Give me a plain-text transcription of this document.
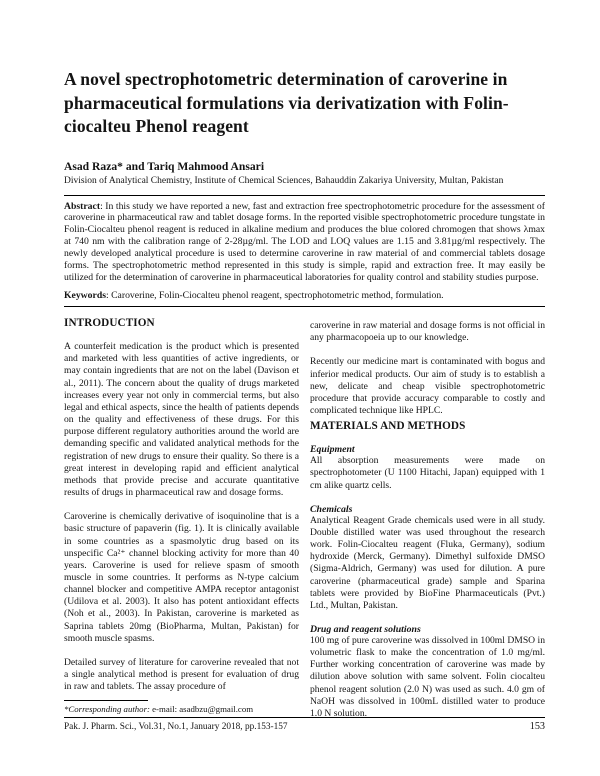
A novel spectrophotometric determination of caroverine in pharmaceutical formulations via derivatization with Folin-ciocalteu Phenol reagent

Asad Raza* and Tariq Mahmood Ansari

Division of Analytical Chemistry, Institute of Chemical Sciences, Bahauddin Zakariya University, Multan, Pakistan

Abstract: In this study we have reported a new, fast and extraction free spectrophotometric procedure for the assessment of caroverine in pharmaceutical raw and tablet dosage forms. In the reported visible spectrophotometric procedure tungstate in Folin-Ciocalteu phenol reagent is reduced in alkaline medium and produces the blue colored chromogen that shows λmax at 740 nm with the calibration range of 2-28µg/ml. The LOD and LOQ values are 1.15 and 3.81µg/ml respectively. The newly developed analytical procedure is used to determine caroverine in raw material of and commercial tablets dosage forms. The spectrophotometric method represented in this study is simple, rapid and extraction free. It may easily be utilized for the determination of caroverine in pharmaceutical laboratories for quality control and stability studies purpose.

Keywords: Caroverine, Folin-Ciocalteu phenol reagent, spectrophotometric method, formulation.

INTRODUCTION

A counterfeit medication is the product which is presented and marketed with less quantities of active ingredients, or may contain ingredients that are not on the label (Davison et al., 2011). The concern about the quality of drugs marketed increases every year not only in commercial terms, but also legal and ethical aspects, since the health of patients depends on the quality and effectiveness of these drugs. For this purpose different regulatory authorities around the world are demanding specific and validated analytical methods for the registration of new drugs to ensure their quality. So there is a great interest in developing rapid and efficient analytical methods that provide precise and accurate quantitative results of drugs in pharmaceutical raw and dosage forms.

Caroverine is chemically derivative of isoquinoline that is a basic structure of papaverin (fig. 1). It is clinically available in some countries as a spasmolytic drug based on its unspecific Ca²⁺ channel blocking activity for more than 40 years. Caroverine is used for relieve spasm of smooth muscle in some countries. It performs as N-type calcium channel blocker and competitive AMPA receptor antagonist (Udilova et al. 2003). It also has potent antioxidant effects (Noh et al., 2003). In Pakistan, caroverine is marketed as Saprina tablets 20mg (BioPharma, Multan, Pakistan) for smooth muscle spasms.

Detailed survey of literature for caroverine revealed that not a single analytical method is present for evaluation of drug in raw and tablets. The assay procedure of

caroverine in raw material and dosage forms is not official in any pharmacopoeia up to our knowledge.

Recently our medicine mart is contaminated with bogus and inferior medical products. Our aim of study is to establish a new, delicate and cheap visible spectrophotometric procedure that provide accuracy comparable to costly and complicated technique like HPLC.

MATERIALS AND METHODS
Equipment

All absorption measurements were made on spectrophotometer (U 1100 Hitachi, Japan) equipped with 1 cm alike quartz cells.

Chemicals

Analytical Reagent Grade chemicals used were in all study. Double distilled water was used throughout the research work. Folin-Ciocalteu reagent (Fluka, Germany), sodium hydroxide (Merck, Germany). Dimethyl sulfoxide DMSO (Sigma-Aldrich, Germany) was used for dilution. A pure caroverine (pharmaceutical grade) sample and Sparina tablets were provided by BioFine Pharmaceuticals (Pvt.) Ltd., Multan, Pakistan.

Drug and reagent solutions

100 mg of pure caroverine was dissolved in 100ml DMSO in volumetric flask to make the concentration of 1.0 mg/ml. Further working concentration of caroverine was made by dilution above solution with same solvent. Folin ciocalteu phenol reagent solution (2.0 N) was used as such. 4.0 gm of NaOH was dissolved in 100mL distilled water to produce 1.0 N solution.

*Corresponding author: e-mail: asadbzu@gmail.com

Pak. J. Pharm. Sci., Vol.31, No.1, January 2018, pp.153-157	153
